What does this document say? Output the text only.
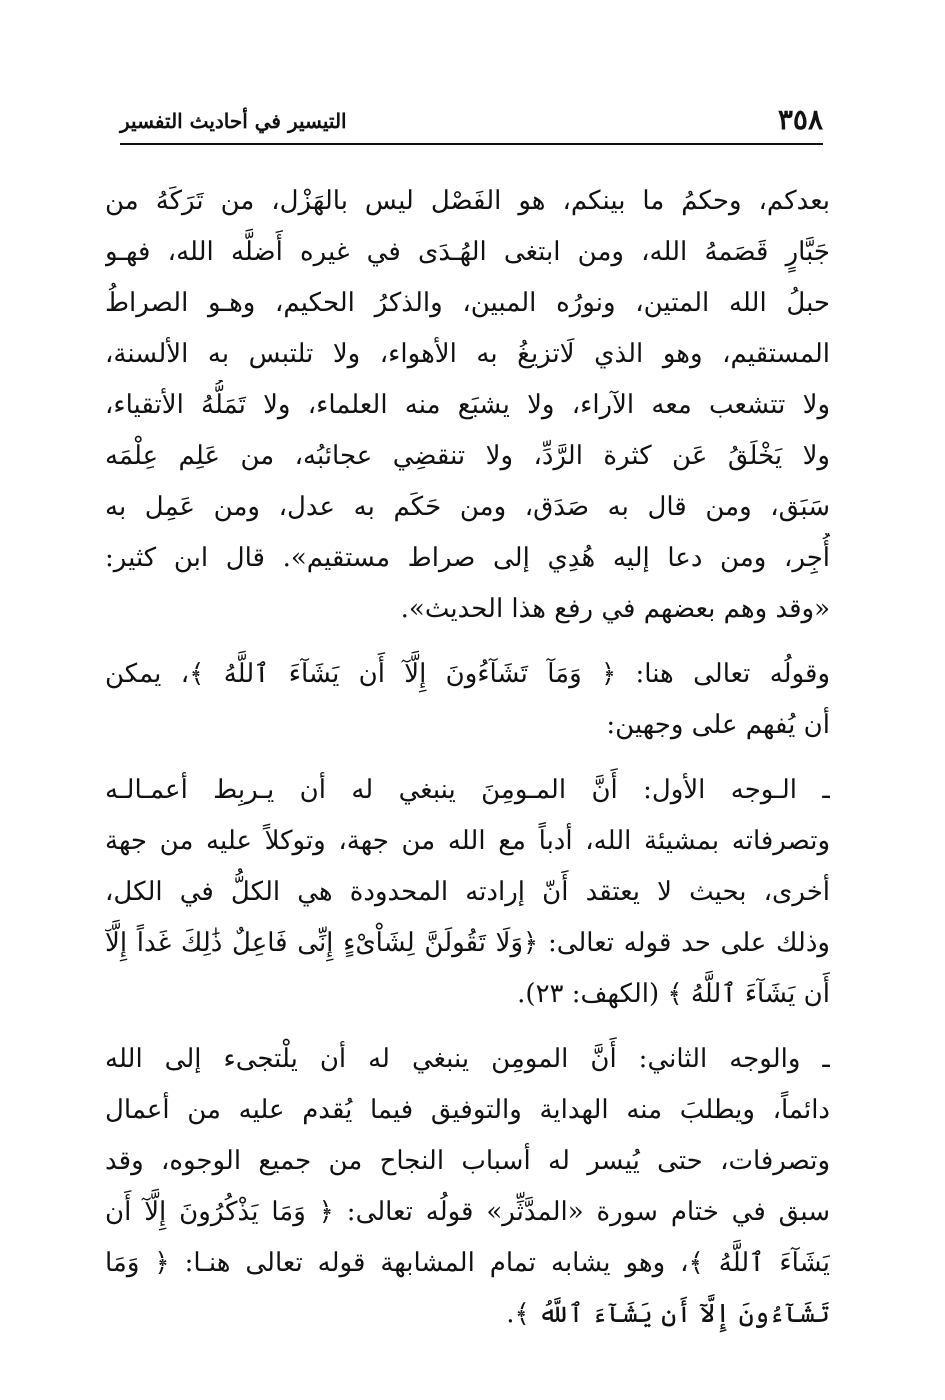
٣٥٨
التيسير في أحاديث التفسير
بعدكم، وحكمُ ما بينكم، هو الفَصْل ليس بالهَزْل، من تَرَكَهُ من
جَبَّارٍ قَصَمهُ الله، ومن ابتغى الهُـدَى في غيره أَضلَّه الله، فهـو
حبلُ الله المتين، ونورُه المبين، والذكرُ الحكيم، وهـو الصراطُ
المستقيم، وهو الذي لَاتزيغُ به الأهواء، ولا تلتبس به الألسنة،
ولا تتشعب معه الآراء، ولا يشبَع منه العلماء، ولا تَمَلُّهُ الأتقياء،
ولا يَخْلَقُ عَن كثرة الرَّدِّ، ولا تنقضِي عجائبُه، من عَلِم عِلْمَه
سَبَق، ومن قال به صَدَق، ومن حَكَم به عدل، ومن عَمِل به
أُجِر، ومن دعا إليه هُدِي إلى صراط مستقيم». قال ابن كثير:
«وقد وهم بعضهم في رفع هذا الحديث».
وقولُه تعالى هنا: ﴿ وَمَآ تَشَآءُونَ إِلَّآ أَن يَشَآءَ ٱللَّهُ ﴾، يمكن
أن يُفهم على وجهين:
ـ الـوجه الأول: أَنَّ المـومِنَ ينبغي له أن يـربِط أعمـالـه
وتصرفاته بمشيئة الله، أدباً مع الله من جهة، وتوكلاً عليه من جهة
أخرى، بحيث لا يعتقد أَنّ إرادته المحدودة هي الكلُّ في الكل،
وذلك على حد قوله تعالى: ﴿وَلَا تَقُولَنَّ لِشَاْىْءٍ إِنِّى فَاعِلٌ ذَٰلِكَ غَداً إِلَّآ
أَن يَشَآءَ ٱللَّهُ ﴾ (الكهف: ٢٣).
ـ والوجه الثاني: أَنَّ المومِن ينبغي له أن يلْتجىء إلى الله
دائماً، ويطلبَ منه الهداية والتوفيق فيما يُقدم عليه من أعمال
وتصرفات، حتى يُيسر له أسباب النجاح من جميع الوجوه، وقد
سبق في ختام سورة «المدَّثِّر» قولُه تعالى: ﴿ وَمَا يَذْكُرُونَ إِلَّآ أَن
يَشَآءَ ٱللَّهُ ﴾، وهو يشابه تمام المشابهة قوله تعالى هنـا: ﴿ وَمَا
تَشَآءُونَ إِلَّآ أَن يَشَآءَ ٱللَّهُ ﴾.
